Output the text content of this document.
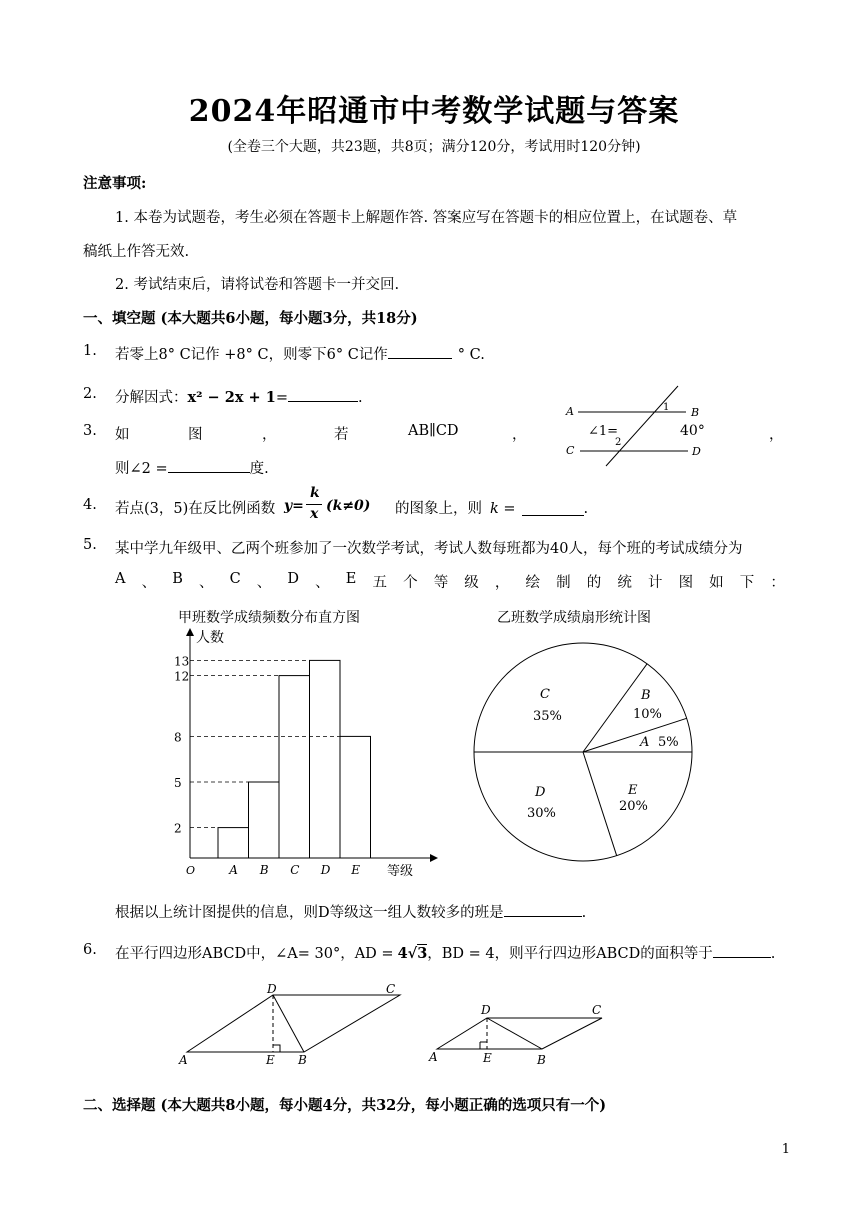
2024年昭通市中考数学试题与答案
(全卷三个大题，共23题，共8页；满分120分，考试用时120分钟)
注意事项:
1. 本卷为试题卷，考生必须在答题卡上解题作答. 答案应写在答题卡的相应位置上，在试题卷、草
稿纸上作答无效.
2. 考试结束后，请将试卷和答题卡一并交回.
一、填空题 (本大题共6小题，每小题3分，共18分)
1. 若零上8° C记作 +8° C，则零下6° C记作	° C.
2. 分解因式：x² − 2x + 1=	.
3. 如	图	，	若	AB∥CD	，	，
则∠2 =	度.
A	B
C	D
1
2
∠1=	40°
4. 若点(3，5)在反比例函数 y=
k
x (k≠0) 的图象上，则 k =	.
5. 某中学九年级甲、乙两个班参加了一次数学考试，考试人数每班都为40人，每个班的考试成绩分为
A 、 B 、 C 、 D 、 E 五 个 等 级 ， 绘 制 的 统 计 图 如 下 ：
甲班数学成绩频数分布直方图
人数
2
A
5
B
12
C
13
D
8
E 等级
O
乙班数学成绩扇形统计图
A 5%
B
10%
C
35%
D
30%
E
20%
根据以上统计图提供的信息，则D等级这一组人数较多的班是	.
6. 在平行四边形ABCD中，∠A= 30°，AD = 4√3，BD = 4，则平行四边形ABCD的面积等于	.
A	B
C
D
E	A	B
C
D
E
二、选择题 (本大题共8小题，每小题4分，共32分，每小题正确的选项只有一个)
1
